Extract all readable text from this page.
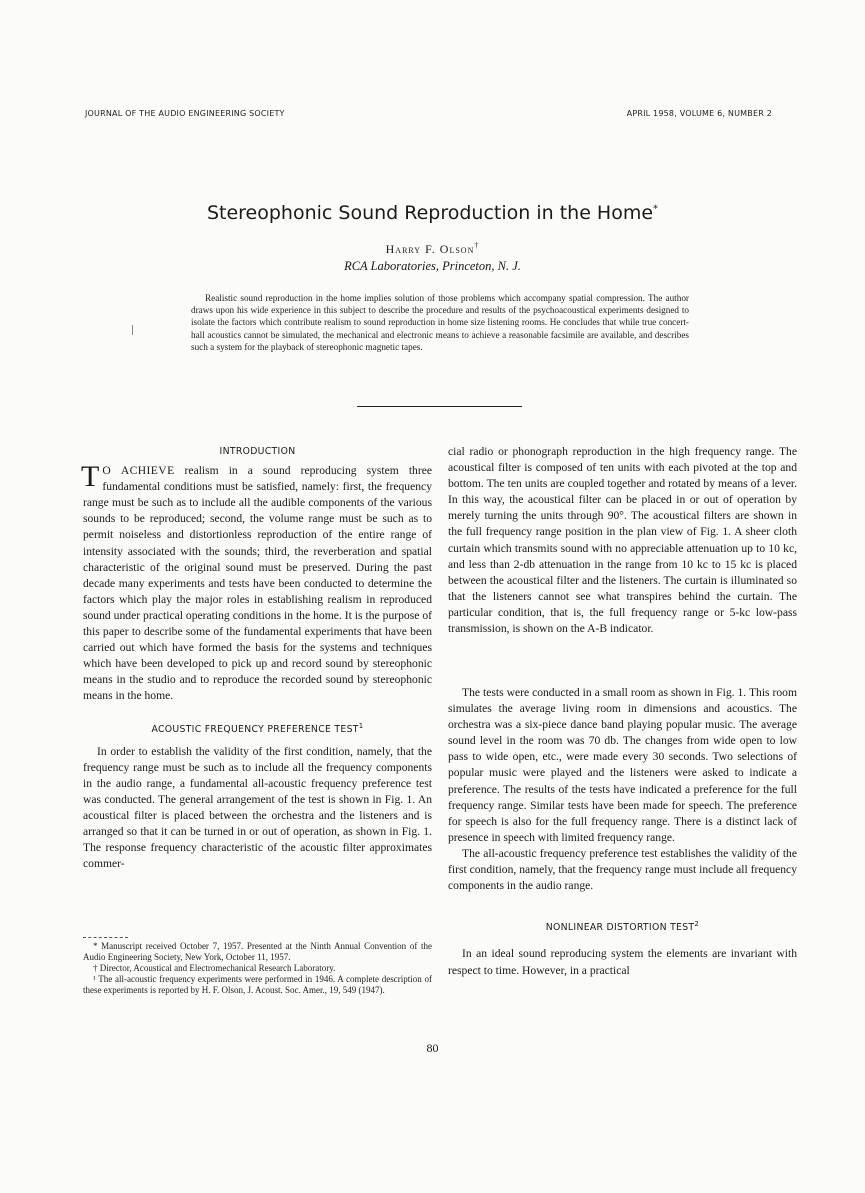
JOURNAL OF THE AUDIO ENGINEERING SOCIETY	APRIL 1958, VOLUME 6, NUMBER 2
Stereophonic Sound Reproduction in the Home*
Harry F. Olson†
RCA Laboratories, Princeton, N. J.
Realistic sound reproduction in the home implies solution of those problems which accompany spatial compression. The author draws upon his wide experience in this subject to describe the procedure and results of the psychoacoustical experiments designed to isolate the factors which contribute realism to sound reproduction in home size listening rooms. He concludes that while true concert-hall acoustics cannot be simulated, the mechanical and electronic means to achieve a reasonable facsimile are available, and describes such a system for the playback of stereophonic magnetic tapes.
INTRODUCTION

T O ACHIEVE realism in a sound reproducing system three fundamental conditions must be satisfied, namely: first, the frequency range must be such as to include all the audible components of the various sounds to be reproduced; second, the volume range must be such as to permit noiseless and distortionless reproduction of the entire range of intensity associated with the sounds; third, the reverberation and spatial characteristic of the original sound must be preserved. During the past decade many experiments and tests have been conducted to determine the factors which play the major roles in establishing realism in reproduced sound under practical operating conditions in the home. It is the purpose of this paper to describe some of the fundamental experiments that have been carried out which have formed the basis for the systems and techniques which have been developed to pick up and record sound by stereophonic means in the studio and to reproduce the recorded sound by stereophonic means in the home.

ACOUSTIC FREQUENCY PREFERENCE TEST$^1$

In order to establish the validity of the first condition, namely, that the frequency range must be such as to include all the frequency components in the audio range, a fundamental all-acoustic frequency preference test was conducted. The general arrangement of the test is shown in Fig. 1. An acoustical filter is placed between the orchestra and the listeners and is arranged so that it can be turned in or out of operation, as shown in Fig. 1. The response frequency characteristic of the acoustic filter approximates commer-

* Manuscript received October 7, 1957. Presented at the Ninth Annual Convention of the Audio Engineering Society, New York, October 11, 1957.

† Director, Acoustical and Electromechanical Research Laboratory.

¹ The all-acoustic frequency experiments were performed in 1946. A complete description of these experiments is reported by H. F. Olson, J. Acoust. Soc. Amer., 19, 549 (1947).

cial radio or phonograph reproduction in the high frequency range. The acoustical filter is composed of ten units with each pivoted at the top and bottom. The ten units are coupled together and rotated by means of a lever. In this way, the acoustical filter can be placed in or out of operation by merely turning the units through 90°. The acoustical filters are shown in the full frequency range position in the plan view of Fig. 1. A sheer cloth curtain which transmits sound with no appreciable attenuation up to 10 kc, and less than 2-db attenuation in the range from 10 kc to 15 kc is placed between the acoustical filter and the listeners. The curtain is illuminated so that the listeners cannot see what transpires behind the curtain. The particular condition, that is, the full frequency range or 5-kc low-pass transmission, is shown on the A-B indicator.

The tests were conducted in a small room as shown in Fig. 1. This room simulates the average living room in dimensions and acoustics. The orchestra was a six-piece dance band playing popular music. The average sound level in the room was 70 db. The changes from wide open to low pass to wide open, etc., were made every 30 seconds. Two selections of popular music were played and the listeners were asked to indicate a preference. The results of the tests have indicated a preference for the full frequency range. Similar tests have been made for speech. The preference for speech is also for the full frequency range. There is a distinct lack of presence in speech with limited frequency range.

The all-acoustic frequency preference test establishes the validity of the first condition, namely, that the frequency range must include all frequency components in the audio range.

NONLINEAR DISTORTION TEST$^2$

In an ideal sound reproducing system the elements are invariant with respect to time. However, in a practical

80
